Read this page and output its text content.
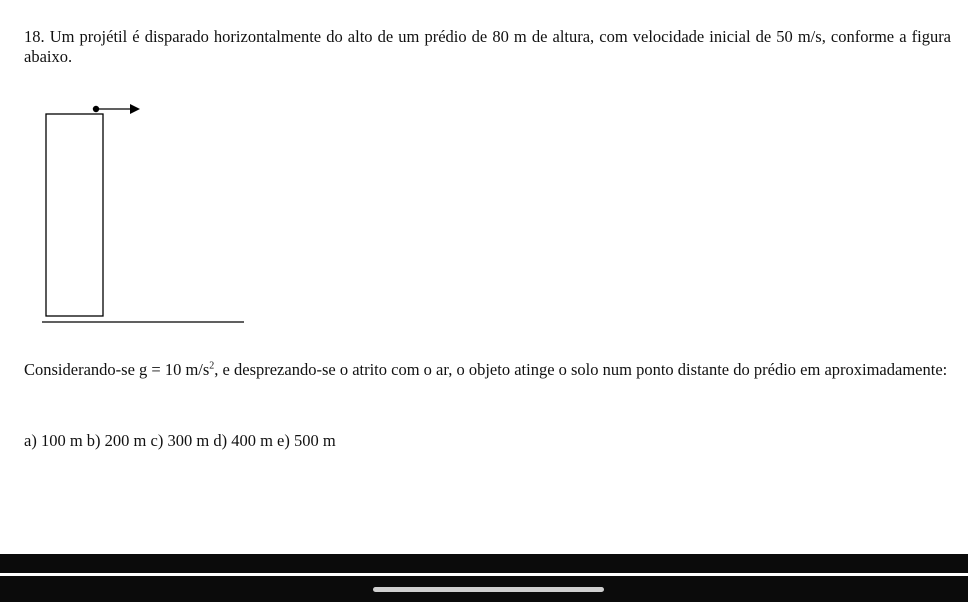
18. Um projétil é disparado horizontalmente do alto de um prédio de 80 m de altura, com velocidade inicial de 50 m/s, conforme a figura abaixo.

Considerando-se g = 10 $m/s^2$, e desprezando-se o atrito com o ar, o objeto atinge o solo num ponto distante do prédio em aproximadamente:

a) 100 m b) 200 m c) 300 m d) 400 m e) 500 m
